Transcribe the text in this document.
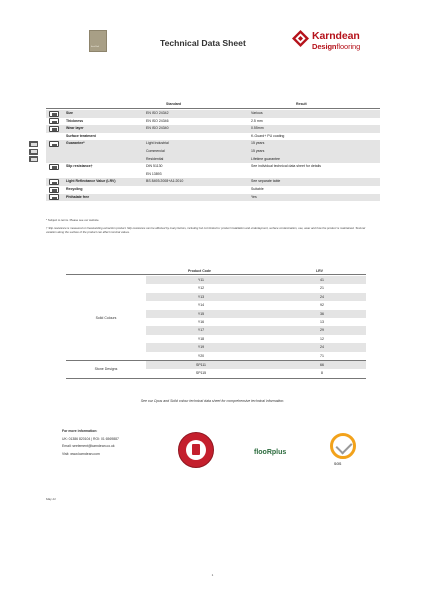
Hurst Shaft	Technical Data Sheet
Karndean
Designflooring
Standard	Result
Size	EN ISO 24342	Various
Thickness	EN ISO 24346	2.5 mm
Wear layer	EN ISO 24340	0.55mm
Surface treatment	K-Guard+ PU coating
Guarantee*	Light Industrial	15 years
Commercial	15 years
Residential	Lifetime guarantee
Slip resistance†	DIN 51130	See individual technical data sheet for details
EN 13893
Light Reflectance Value (LRV)	BS 8493:2008+A1:2010	See separate table
Recycling	Suitable
Phthalate free	Yes
* Subject to terms. Please see our website.
† Slip resistance is measured on freestanding extraction product. Slip resistance can be affected by many factors, including but not limited to: product installation and underlayment, surface contamination, use, wear and how the product is maintained. Textural variation along the surface of the product can affect nominal values.
Product Code	LRV
Y11	41
Y12	21
Y13	24
Y14	92
Y15	36
Y16	13
Y17	29
Y18	12
Y19	24
Y20	71
Solid Colours
SP111	66
SP115	8
Stone Designs
See our Opus and Solid colour technical data sheet for comprehensive technical information.
For more information:
UK: 01386 820104 | ROI: 01 6569887
Email: seelement@karndean.co.uk
Visit: www.karndean.com	flooRplus
SGS
May 21
1
